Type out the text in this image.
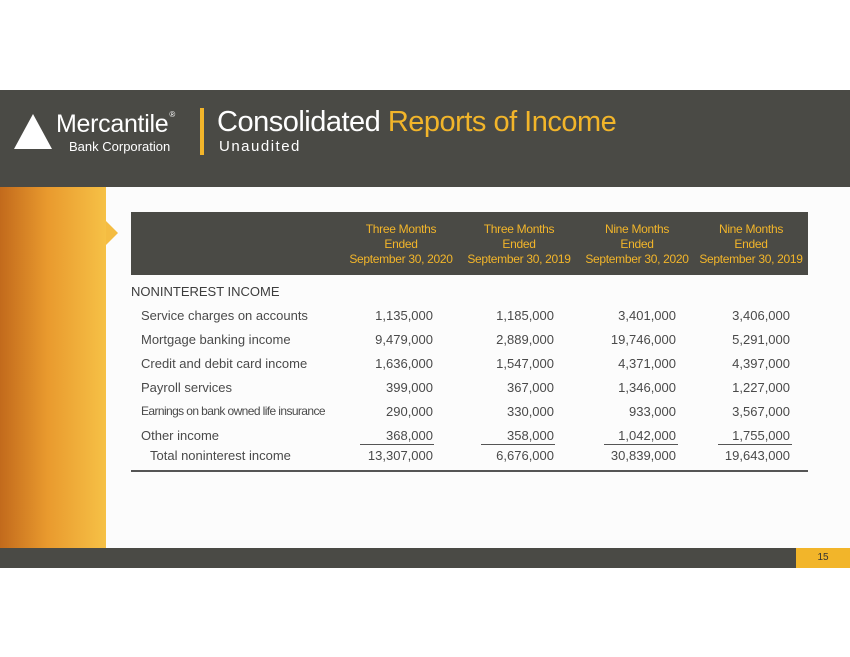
Mercantile®
Bank Corporation
Consolidated Reports of Income
Unaudited
Three Months
Ended
September 30, 2020
Three Months
Ended
September 30, 2019
Nine Months
Ended
September 30, 2020
Nine Months
Ended
September 30, 2019
NONINTEREST INCOME
Service charges on accounts	1,135,000	1,185,000	3,401,000	3,406,000
Mortgage banking income	9,479,000	2,889,000	19,746,000	5,291,000
Credit and debit card income	1,636,000	1,547,000	4,371,000	4,397,000
Payroll services	399,000	367,000	1,346,000	1,227,000
Earnings on bank owned life insurance	290,000	330,000	933,000	3,567,000
Other income	368,000	358,000	1,042,000	1,755,000
Total noninterest income	13,307,000	6,676,000	30,839,000	19,643,000
15
